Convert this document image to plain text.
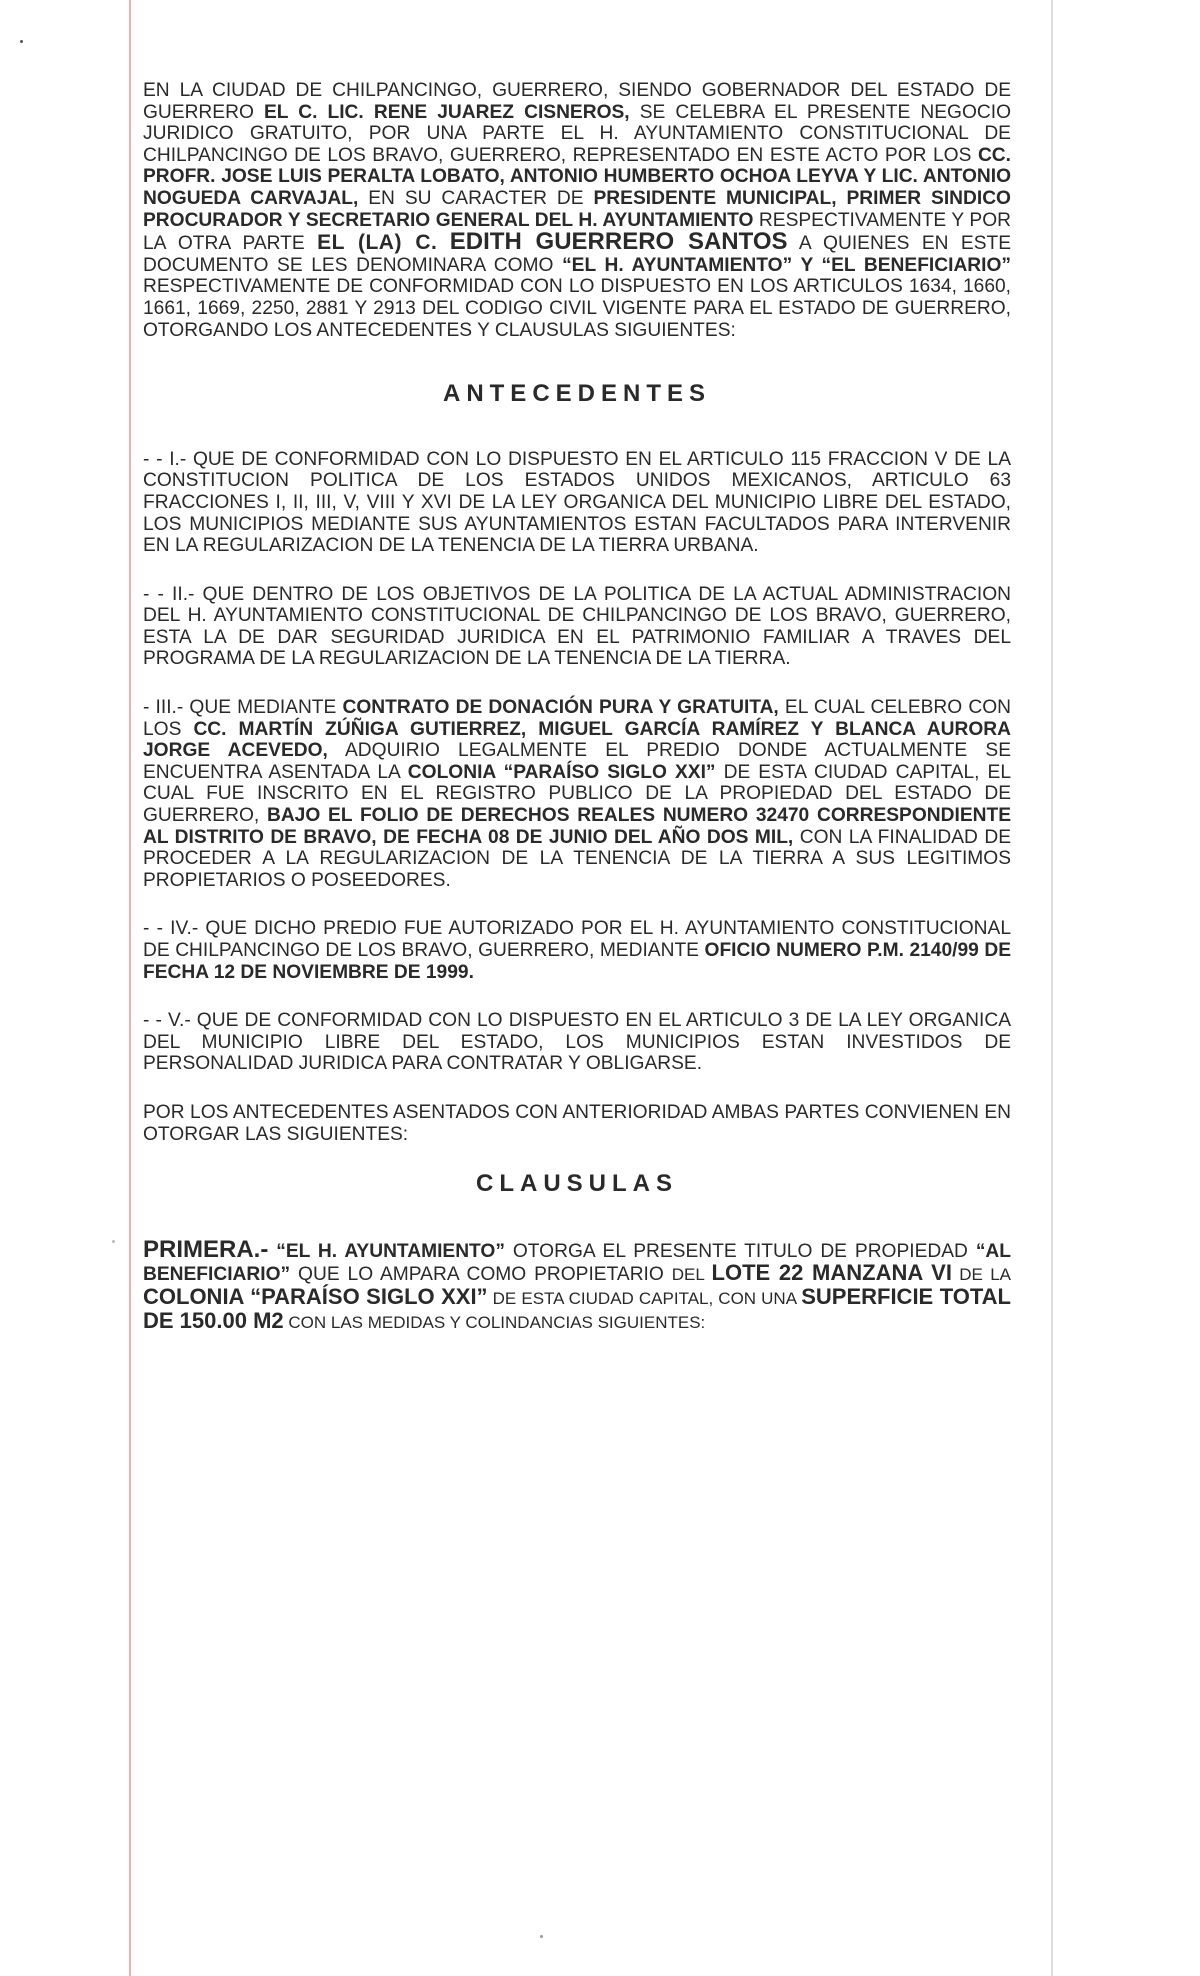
EN LA CIUDAD DE CHILPANCINGO, GUERRERO, SIENDO GOBERNADOR DEL ESTADO DE GUERRERO EL C. LIC. RENE JUAREZ CISNEROS, SE CELEBRA EL PRESENTE NEGOCIO JURIDICO GRATUITO, POR UNA PARTE EL H. AYUNTAMIENTO CONSTITUCIONAL DE CHILPANCINGO DE LOS BRAVO, GUERRERO, REPRESENTADO EN ESTE ACTO POR LOS CC. PROFR. JOSE LUIS PERALTA LOBATO, ANTONIO HUMBERTO OCHOA LEYVA Y LIC. ANTONIO NOGUEDA CARVAJAL, EN SU CARACTER DE PRESIDENTE MUNICIPAL, PRIMER SINDICO PROCURADOR Y SECRETARIO GENERAL DEL H. AYUNTAMIENTO RESPECTIVAMENTE Y POR LA OTRA PARTE EL (LA) C. EDITH GUERRERO SANTOS A QUIENES EN ESTE DOCUMENTO SE LES DENOMINARA COMO “EL H. AYUNTAMIENTO” Y “EL BENEFICIARIO” RESPECTIVAMENTE DE CONFORMIDAD CON LO DISPUESTO EN LOS ARTICULOS 1634, 1660, 1661, 1669, 2250, 2881 Y 2913 DEL CODIGO CIVIL VIGENTE PARA EL ESTADO DE GUERRERO, OTORGANDO LOS ANTECEDENTES Y CLAUSULAS SIGUIENTES:

ANTECEDENTES

- - I.- QUE DE CONFORMIDAD CON LO DISPUESTO EN EL ARTICULO 115 FRACCION V DE LA CONSTITUCION POLITICA DE LOS ESTADOS UNIDOS MEXICANOS, ARTICULO 63 FRACCIONES I, II, III, V, VIII Y XVI DE LA LEY ORGANICA DEL MUNICIPIO LIBRE DEL ESTADO, LOS MUNICIPIOS MEDIANTE SUS AYUNTAMIENTOS ESTAN FACULTADOS PARA INTERVENIR EN LA REGULARIZACION DE LA TENENCIA DE LA TIERRA URBANA.

- - II.- QUE DENTRO DE LOS OBJETIVOS DE LA POLITICA DE LA ACTUAL ADMINISTRACION DEL H. AYUNTAMIENTO CONSTITUCIONAL DE CHILPANCINGO DE LOS BRAVO, GUERRERO, ESTA LA DE DAR SEGURIDAD JURIDICA EN EL PATRIMONIO FAMILIAR A TRAVES DEL PROGRAMA DE LA REGULARIZACION DE LA TENENCIA DE LA TIERRA.

- III.- QUE MEDIANTE CONTRATO DE DONACIÓN PURA Y GRATUITA, EL CUAL CELEBRO CON LOS CC. MARTÍN ZÚÑIGA GUTIERREZ, MIGUEL GARCÍA RAMÍREZ Y BLANCA AURORA JORGE ACEVEDO, ADQUIRIO LEGALMENTE EL PREDIO DONDE ACTUALMENTE SE ENCUENTRA ASENTADA LA COLONIA “PARAÍSO SIGLO XXI” DE ESTA CIUDAD CAPITAL, EL CUAL FUE INSCRITO EN EL REGISTRO PUBLICO DE LA PROPIEDAD DEL ESTADO DE GUERRERO, BAJO EL FOLIO DE DERECHOS REALES NUMERO 32470 CORRESPONDIENTE AL DISTRITO DE BRAVO, DE FECHA 08 DE JUNIO DEL AÑO DOS MIL, CON LA FINALIDAD DE PROCEDER A LA REGULARIZACION DE LA TENENCIA DE LA TIERRA A SUS LEGITIMOS PROPIETARIOS O POSEEDORES.

- - IV.- QUE DICHO PREDIO FUE AUTORIZADO POR EL H. AYUNTAMIENTO CONSTITUCIONAL DE CHILPANCINGO DE LOS BRAVO, GUERRERO, MEDIANTE OFICIO NUMERO P.M. 2140/99 DE FECHA 12 DE NOVIEMBRE DE 1999.

- - V.- QUE DE CONFORMIDAD CON LO DISPUESTO EN EL ARTICULO 3 DE LA LEY ORGANICA DEL MUNICIPIO LIBRE DEL ESTADO, LOS MUNICIPIOS ESTAN INVESTIDOS DE PERSONALIDAD JURIDICA PARA CONTRATAR Y OBLIGARSE.

POR LOS ANTECEDENTES ASENTADOS CON ANTERIORIDAD AMBAS PARTES CONVIENEN EN OTORGAR LAS SIGUIENTES:

CLAUSULAS

PRIMERA.- “EL H. AYUNTAMIENTO” OTORGA EL PRESENTE TITULO DE PROPIEDAD “AL BENEFICIARIO” QUE LO AMPARA COMO PROPIETARIO DEL LOTE 22 MANZANA VI DE LA COLONIA “PARAÍSO SIGLO XXI” DE ESTA CIUDAD CAPITAL, CON UNA SUPERFICIE TOTAL DE 150.00 M2 CON LAS MEDIDAS Y COLINDANCIAS SIGUIENTES:
